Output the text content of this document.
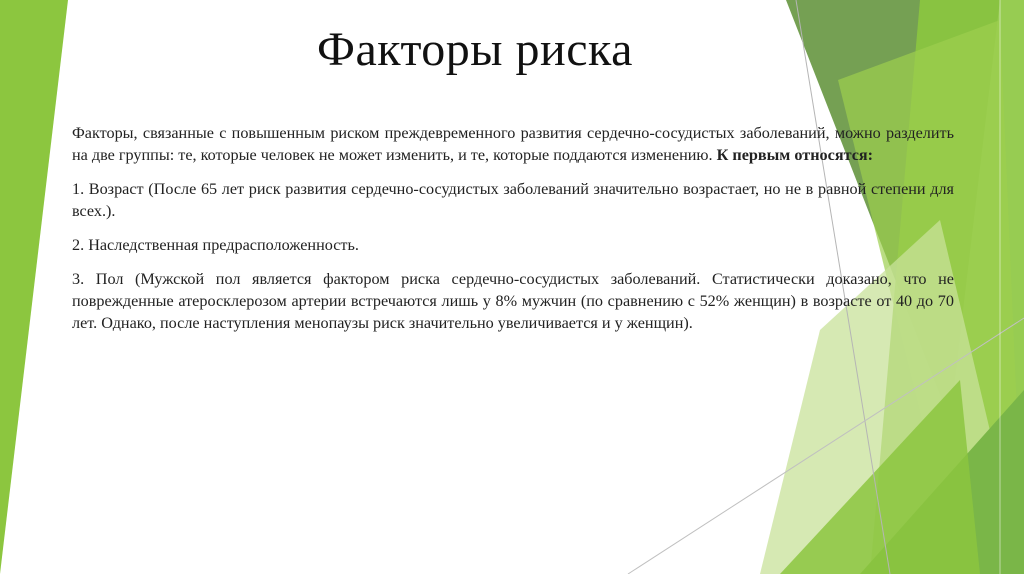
Факторы риска

Факторы, связанные с повышенным риском преждевременного развития сердечно-сосудистых заболеваний, можно разделить на две группы: те, которые человек не может изменить, и те, которые поддаются изменению. К первым относятся:

1. Возраст (После 65 лет риск развития сердечно-сосудистых заболеваний значительно возрастает, но не в равной степени для всех.).

2. Наследственная предрасположенность.

3. Пол (Мужской пол является фактором риска сердечно-сосудистых заболеваний. Статистически доказано, что не поврежденные атеросклерозом артерии встречаются лишь у 8% мужчин (по сравнению с 52% женщин) в возрасте от 40 до 70 лет. Однако, после наступления менопаузы риск значительно увеличивается и у женщин).
